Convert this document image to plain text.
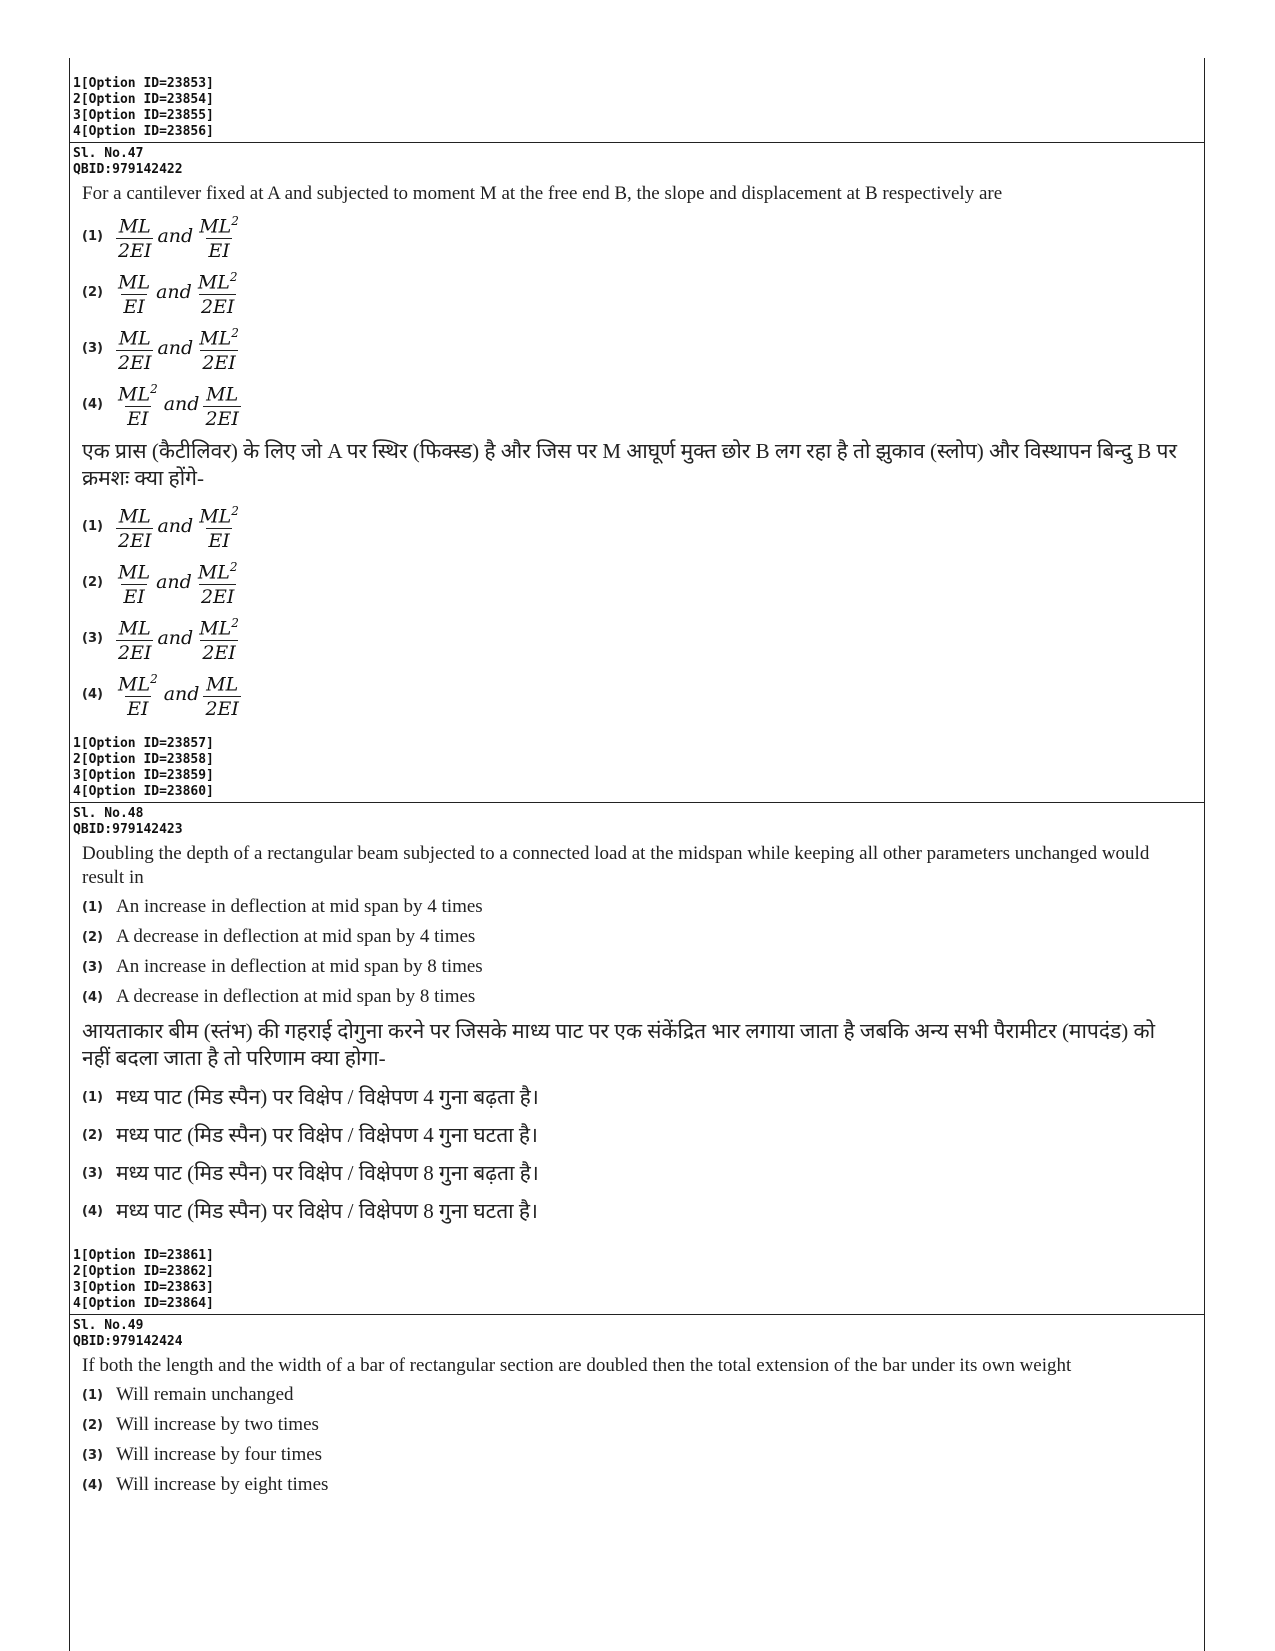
1[Option ID=23853]
2[Option ID=23854]
3[Option ID=23855]
4[Option ID=23856]
Sl. No.47
QBID:979142422
For a cantilever fixed at A and subjected to moment M at the free end B, the slope and displacement at B respectively are
$(1) \frac{ML}{2EI}$ and $\frac{ML^2}{EI}$
$(2) \frac{ML}{EI}$ and $\frac{ML^2}{2EI}$
$(3) \frac{ML}{2EI}$ and $\frac{ML^2}{2EI}$
$(4) \frac{ML^2}{EI}$ and $\frac{ML}{2EI}$
एक प्रास (कैटीलिवर) के लिए जो A पर स्थिर (फिक्स्ड) है और जिस पर M आघूर्ण मुक्त छोर B लग रहा है तो झुकाव (स्लोप) और विस्थापन बिन्दु B पर क्रमशः क्या होंगे-
$(1) \frac{ML}{2EI}$ and $\frac{ML^2}{EI}$
$(2) \frac{ML}{EI}$ and $\frac{ML^2}{2EI}$
$(3) \frac{ML}{2EI}$ and $\frac{ML^2}{2EI}$
$(4) \frac{ML^2}{EI}$ and $\frac{ML}{2EI}$
1[Option ID=23857]
2[Option ID=23858]
3[Option ID=23859]
4[Option ID=23860]
Sl. No.48
QBID:979142423
Doubling the depth of a rectangular beam subjected to a connected load at the midspan while keeping all other parameters unchanged would result in
(1) An increase in deflection at mid span by 4 times
(2) A decrease in deflection at mid span by 4 times
(3) An increase in deflection at mid span by 8 times
(4) A decrease in deflection at mid span by 8 times
आयताकार बीम (स्तंभ) की गहराई दोगुना करने पर जिसके माध्य पाट पर एक संकेंद्रित भार लगाया जाता है जबकि अन्य सभी पैरामीटर (मापदंड) को नहीं बदला जाता है तो परिणाम क्या होगा-
(1) मध्य पाट (मिड स्पैन) पर विक्षेप / विक्षेपण 4 गुना बढ़ता है।
(2) मध्य पाट (मिड स्पैन) पर विक्षेप / विक्षेपण 4 गुना घटता है।
(3) मध्य पाट (मिड स्पैन) पर विक्षेप / विक्षेपण 8 गुना बढ़ता है।
(4) मध्य पाट (मिड स्पैन) पर विक्षेप / विक्षेपण 8 गुना घटता है।
1[Option ID=23861]
2[Option ID=23862]
3[Option ID=23863]
4[Option ID=23864]
Sl. No.49
QBID:979142424
If both the length and the width of a bar of rectangular section are doubled then the total extension of the bar under its own weight
(1) Will remain unchanged
(2) Will increase by two times
(3) Will increase by four times
(4) Will increase by eight times
